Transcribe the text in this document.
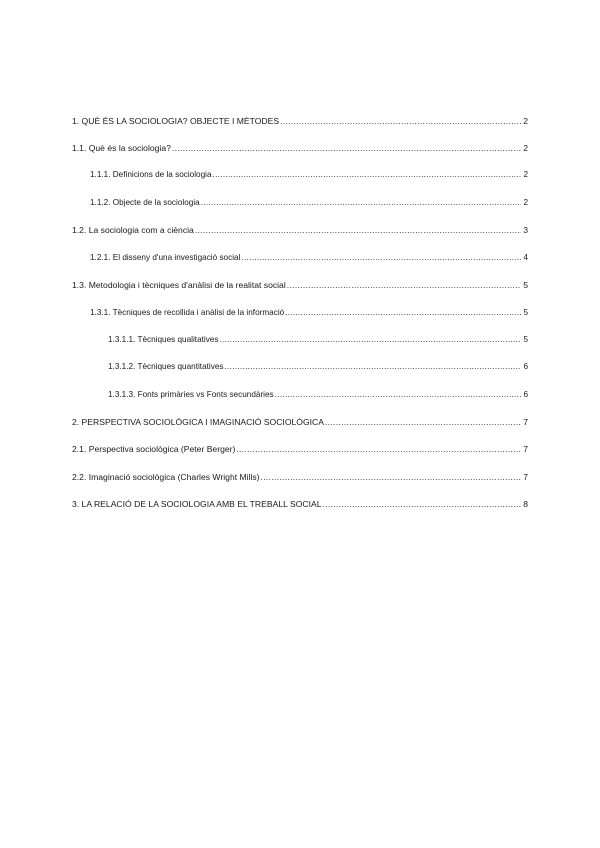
1. QUÈ ÉS LA SOCIOLOGIA? OBJECTE I MÈTODES .....	2
1.1. Què és la sociologia? .....	2
1.1.1. Definicions de la sociologia .....	2
1.1.2. Objecte de la sociologia .....	2
1.2. La sociologia com a ciència .....	3
1.2.1. El disseny d'una investigació social .....	4
1.3. Metodologia i tècniques d'anàlisi de la realitat social .....	5
1.3.1. Tècniques de recollida i anàlisi de la informació .....	5
1.3.1.1. Tècniques qualitatives .....	5
1.3.1.2. Tècniques quantitatives .....	6
1.3.1.3. Fonts primàries vs Fonts secundàries .....	6
2. PERSPECTIVA SOCIOLÒGICA I IMAGINACIÓ SOCIOLÒGICA .....	7
2.1. Perspectiva sociològica (Peter Berger) .....	7
2.2. Imaginació sociològica (Charles Wright Mills) .....	7
3. LA RELACIÓ DE LA SOCIOLOGIA AMB EL TREBALL SOCIAL .....	8
